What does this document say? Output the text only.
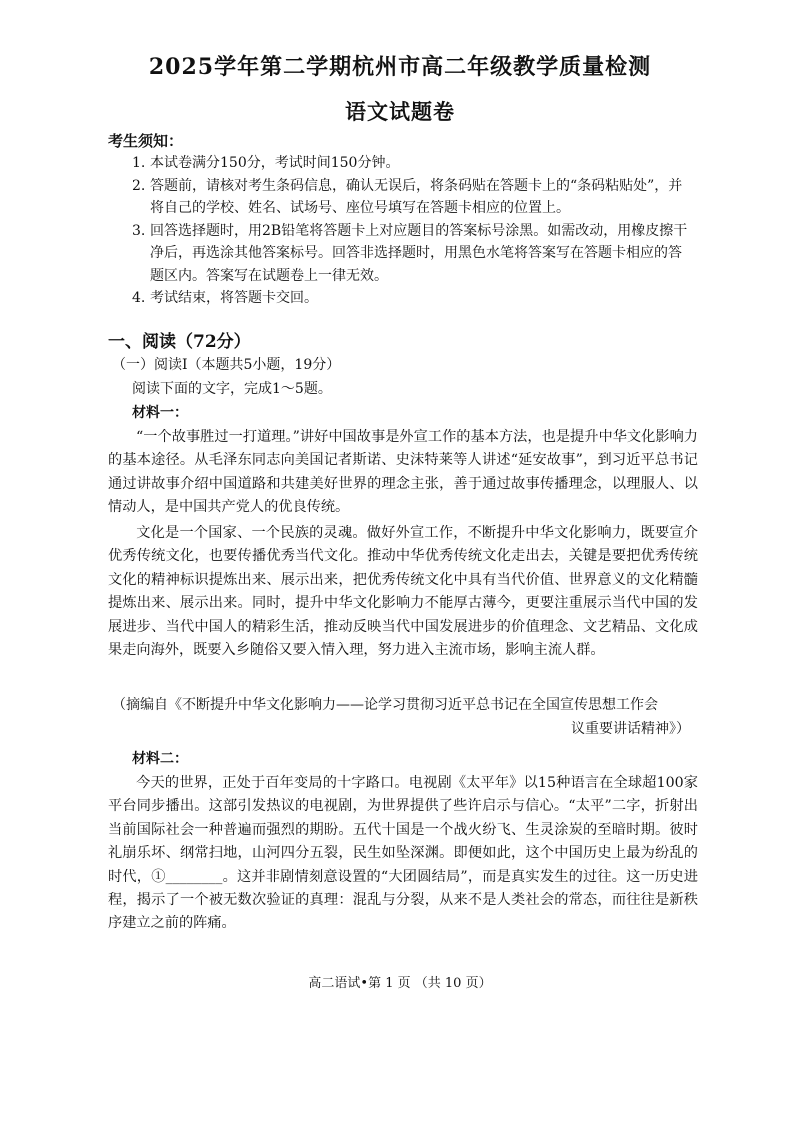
2025学年第二学期杭州市高二年级教学质量检测
语文试题卷
考生须知：
1. 本试卷满分150分，考试时间150分钟。
2. 答题前，请核对考生条码信息，确认无误后，将条码贴在答题卡上的“条码粘贴处”，并将自己的学校、姓名、试场号、座位号填写在答题卡相应的位置上。
3. 回答选择题时，用2B铅笔将答题卡上对应题目的答案标号涂黑。如需改动，用橡皮擦干净后，再选涂其他答案标号。回答非选择题时，用黑色水笔将答案写在答题卡相应的答题区内。答案写在试题卷上一律无效。
4. 考试结束，将答题卡交回。
一、阅读（72分）
（一）阅读Ⅰ（本题共5小题，19分）
阅读下面的文字，完成1～5题。
材料一：

“一个故事胜过一打道理。”讲好中国故事是外宣工作的基本方法，也是提升中华文化影响力的基本途径。从毛泽东同志向美国记者斯诺、史沫特莱等人讲述“延安故事”，到习近平总书记通过讲故事介绍中国道路和共建美好世界的理念主张，善于通过故事传播理念，以理服人、以情动人，是中国共产党人的优良传统。

文化是一个国家、一个民族的灵魂。做好外宣工作，不断提升中华文化影响力，既要宣介优秀传统文化，也要传播优秀当代文化。推动中华优秀传统文化走出去，关键是要把优秀传统文化的精神标识提炼出来、展示出来，把优秀传统文化中具有当代价值、世界意义的文化精髓提炼出来、展示出来。同时，提升中华文化影响力不能厚古薄今，更要注重展示当代中国的发展进步、当代中国人的精彩生活，推动反映当代中国发展进步的价值理念、文艺精品、文化成果走向海外，既要入乡随俗又要入情入理，努力进入主流市场，影响主流人群。

（摘编自《不断提升中华文化影响力——论学习贯彻习近平总书记在全国宣传思想工作会
议重要讲话精神》）
材料二：

今天的世界，正处于百年变局的十字路口。电视剧《太平年》以15种语言在全球超100家平台同步播出。这部引发热议的电视剧，为世界提供了些许启示与信心。“太平”二字，折射出当前国际社会一种普遍而强烈的期盼。五代十国是一个战火纷飞、生灵涂炭的至暗时期。彼时礼崩乐坏、纲常扫地，山河四分五裂，民生如坠深渊。即便如此，这个中国历史上最为纷乱的时代，①________。这并非剧情刻意设置的“大团圆结局”，而是真实发生的过往。这一历史进程，揭示了一个被无数次验证的真理：混乱与分裂，从来不是人类社会的常态，而往往是新秩序建立之前的阵痛。

高二语试•第 1 页 （共 10 页）
